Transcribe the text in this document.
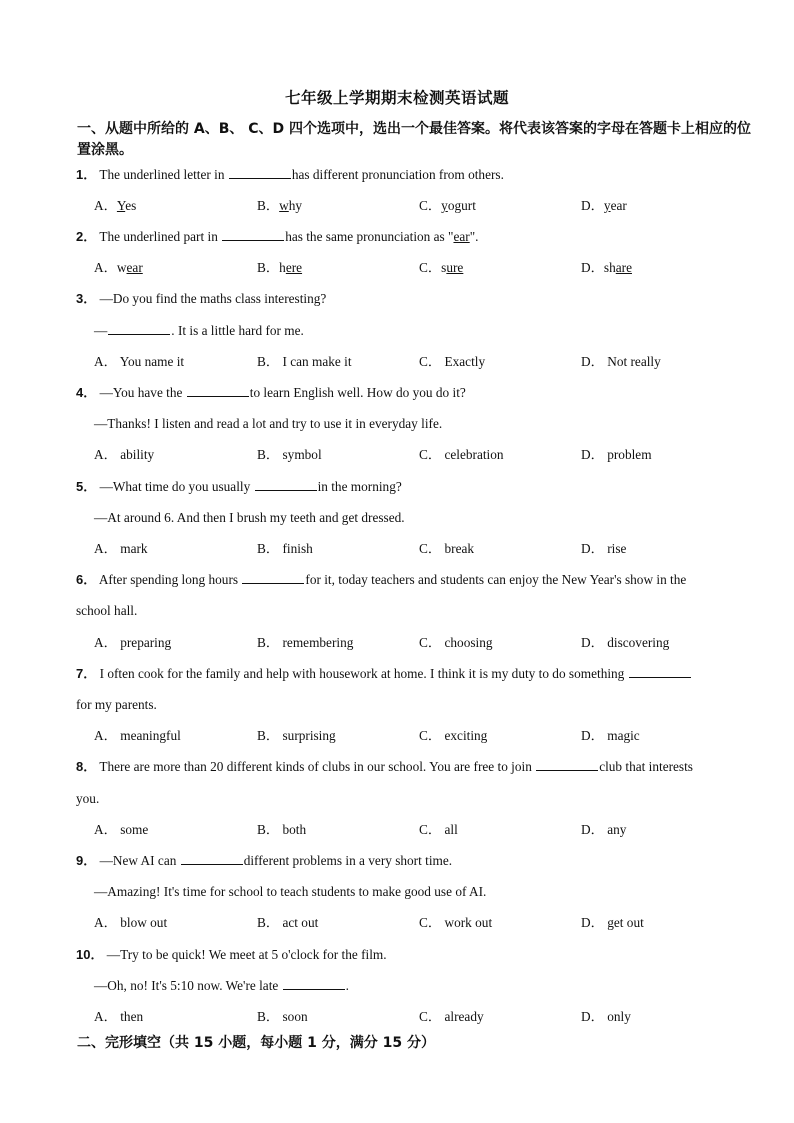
七年级上学期期末检测英语试题
一、从题中所给的 A、B、 C、D 四个选项中，选出一个最佳答案。将代表该答案的字母在答题卡上相应的位置涂黑。
1． The underlined letter in	has different pronunciation from others.
A．Yes	B．why	C．yogurt	D．year
2． The underlined part in	has the same pronunciation as "ear".
A．wear	B．here	C．sure	D．share
3． —Do you find the maths class interesting?
—	. It is a little hard for me.
A． You name it	B． I can make it	C． Exactly	D． Not really
4． —You have the	to learn English well. How do you do it?
—Thanks! I listen and read a lot and try to use it in everyday life.
A． ability	B． symbol	C． celebration	D． problem
5． —What time do you usually	in the morning?
—At around 6. And then I brush my teeth and get dressed.
A． mark	B． finish	C． break	D． rise
6． After spending long hours	for it, today teachers and students can enjoy the New Year's show in the
school hall.
A． preparing	B． remembering	C． choosing	D． discovering
7． I often cook for the family and help with housework at home. I think it is my duty to do something
for my parents.
A． meaningful	B． surprising	C． exciting	D． magic
8． There are more than 20 different kinds of clubs in our school. You are free to join	club that interests
you.
A． some	B． both	C． all	D． any
9． —New AI can	different problems in a very short time.
—Amazing! It's time for school to teach students to make good use of AI.
A． blow out	B． act out	C． work out	D． get out
10． —Try to be quick! We meet at 5 o'clock for the film.
—Oh, no! It's 5:10 now. We're late	.
A． then	B． soon	C． already	D． only
二、完形填空（共 15 小题，每小题 1 分，满分 15 分）
